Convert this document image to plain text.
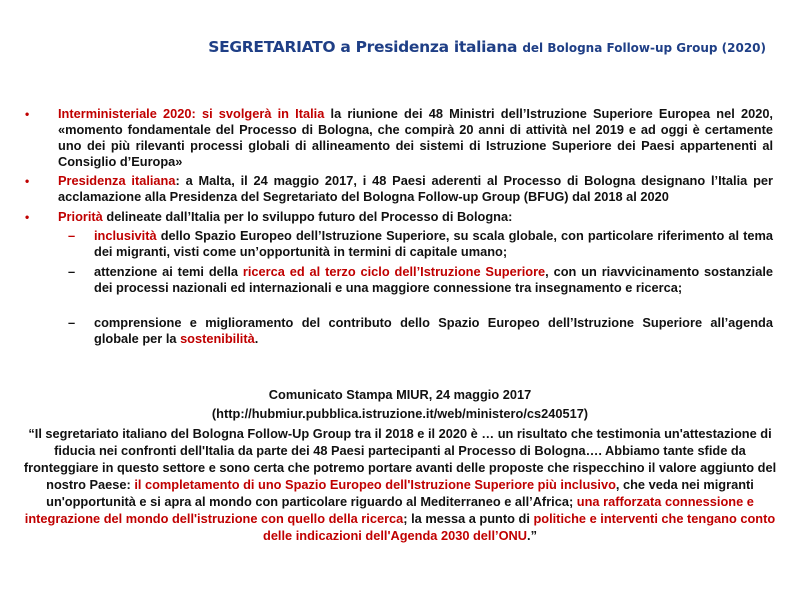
SEGRETARIATO a Presidenza italiana del Bologna Follow-up Group (2020)
• Interministeriale 2020: si svolgerà in Italia la riunione dei 48 Ministri dell’Istruzione Superiore Europea nel 2020, «momento fondamentale del Processo di Bologna, che compirà 20 anni di attività nel 2019 e ad oggi è certamente uno dei più rilevanti processi globali di allineamento dei sistemi di Istruzione Superiore dei Paesi appartenenti al Consiglio d’Europa»
• Presidenza italiana: a Malta, il 24 maggio 2017, i 48 Paesi aderenti al Processo di Bologna designano l’Italia per acclamazione alla Presidenza del Segretariato del Bologna Follow-up Group (BFUG) dal 2018 al 2020
• Priorità delineate dall’Italia per lo sviluppo futuro del Processo di Bologna:
– inclusività dello Spazio Europeo dell’Istruzione Superiore, su scala globale, con particolare riferimento al tema dei migranti, visti come un’opportunità in termini di capitale umano;
– attenzione ai temi della ricerca ed al terzo ciclo dell’Istruzione Superiore, con un riavvicinamento sostanziale dei processi nazionali ed internazionali e una maggiore connessione tra insegnamento e ricerca;
– comprensione e miglioramento del contributo dello Spazio Europeo dell’Istruzione Superiore all’agenda globale per la sostenibilità.
Comunicato Stampa MIUR, 24 maggio 2017
(http://hubmiur.pubblica.istruzione.it/web/ministero/cs240517)
“Il segretariato italiano del Bologna Follow-Up Group tra il 2018 e il 2020 è … un risultato che testimonia un'attestazione di fiducia nei confronti dell'Italia da parte dei 48 Paesi partecipanti al Processo di Bologna…. Abbiamo tante sfide da fronteggiare in questo settore e sono certa che potremo portare avanti delle proposte che rispecchino il valore aggiunto del nostro Paese: il completamento di uno Spazio Europeo dell'Istruzione Superiore più inclusivo, che veda nei migranti un'opportunità e si apra al mondo con particolare riguardo al Mediterraneo e all’Africa; una rafforzata connessione e integrazione del mondo dell'istruzione con quello della ricerca; la messa a punto di politiche e interventi che tengano conto delle indicazioni dell'Agenda 2030 dell’ONU.”
